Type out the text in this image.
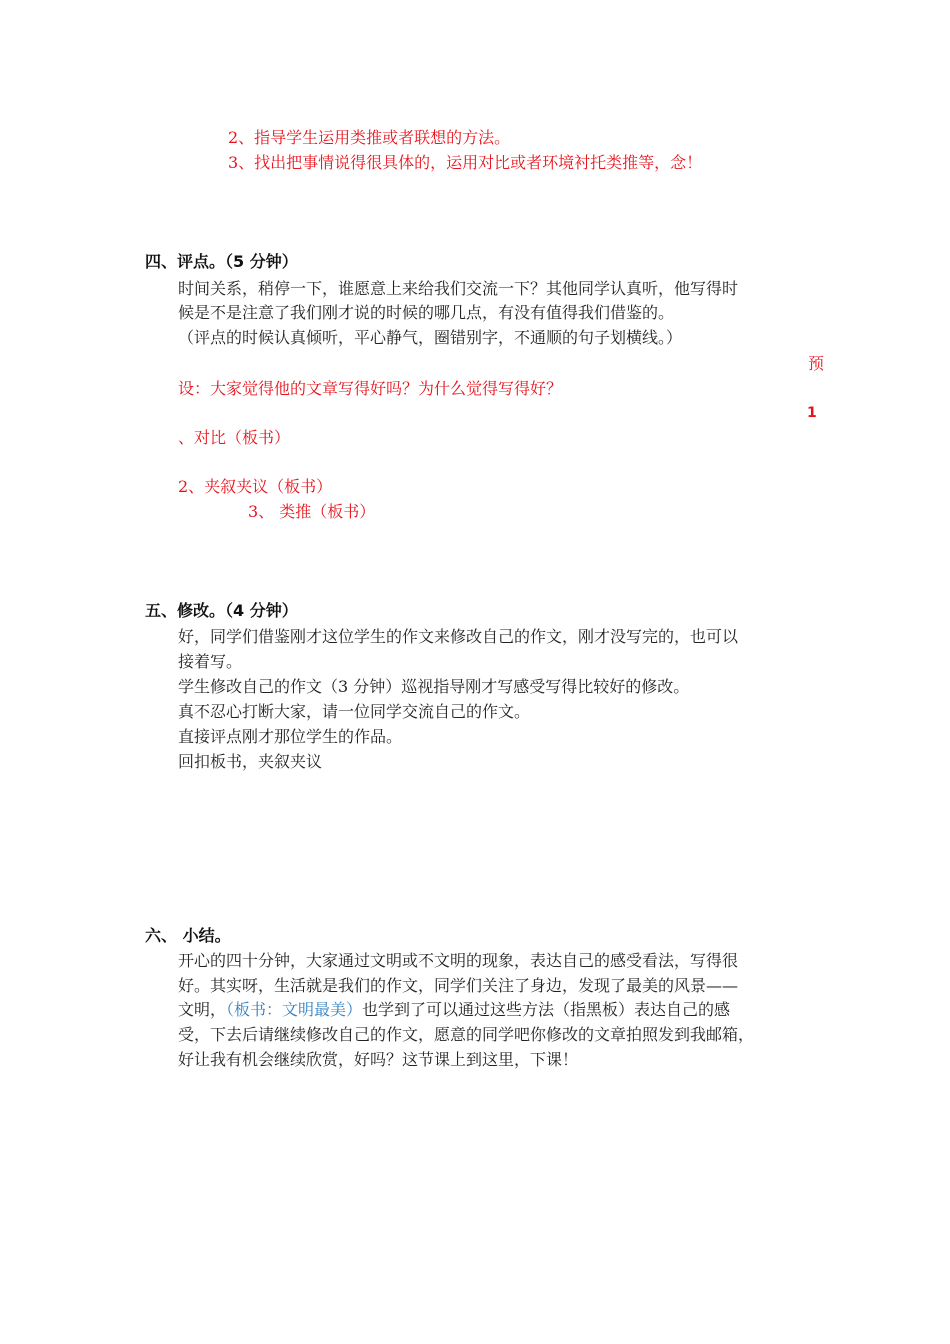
2、指导学生运用类推或者联想的方法。
3、找出把事情说得很具体的，运用对比或者环境衬托类推等，念！
四、评点。（5 分钟）
时间关系，稍停一下，谁愿意上来给我们交流一下？其他同学认真听，他写得时
候是不是注意了我们刚才说的时候的哪几点，有没有值得我们借鉴的。
（评点的时候认真倾听，平心静气，圈错别字，不通顺的句子划横线。）
预
设：大家觉得他的文章写得好吗？为什么觉得写得好？
1
、对比（板书）
2、夹叙夹议（板书）
3、 类推（板书）
五、修改。（4 分钟）
好，同学们借鉴刚才这位学生的作文来修改自己的作文，刚才没写完的，也可以
接着写。
学生修改自己的作文（3 分钟）巡视指导刚才写感受写得比较好的修改。
真不忍心打断大家，请一位同学交流自己的作文。
直接评点刚才那位学生的作品。
回扣板书，夹叙夹议
六、 小结。
开心的四十分钟，大家通过文明或不文明的现象，表达自己的感受看法，写得很
好。其实呀，生活就是我们的作文，同学们关注了身边，发现了最美的风景——
文明，（板书：文明最美）也学到了可以通过这些方法（指黑板）表达自己的感
受，下去后请继续修改自己的作文，愿意的同学吧你修改的文章拍照发到我邮箱，
好让我有机会继续欣赏，好吗？这节课上到这里，下课！
